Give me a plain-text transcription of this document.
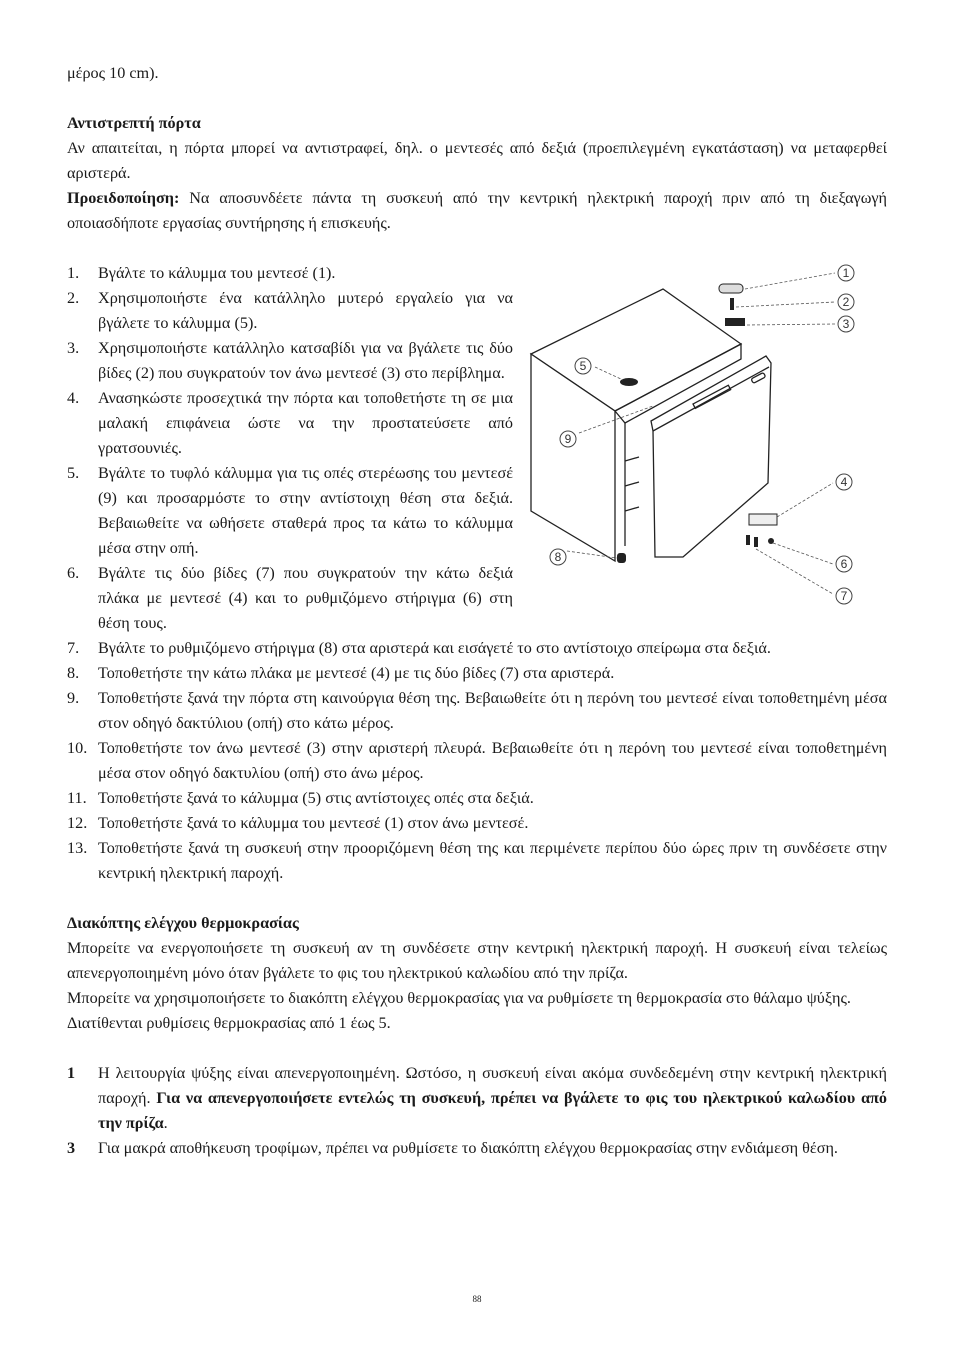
μέρος 10 cm).

Αντιστρεπτή πόρτα

Αν απαιτείται, η πόρτα μπορεί να αντιστραφεί, δηλ. ο μεντεσές από δεξιά (προεπιλεγμένη εγκατάσταση) να μεταφερθεί αριστερά.

Προειδοποίηση: Να αποσυνδέετε πάντα τη συσκευή από την κεντρική ηλεκτρική παροχή πριν από τη διεξαγωγή οποιασδήποτε εργασίας συντήρησης ή επισκευής.

1
2
3
4
5
6
7
8
9
1. Βγάλτε το κάλυμμα του μεντεσέ (1).
2. Χρησιμοποιήστε ένα κατάλληλο μυτερό εργαλείο για να βγάλετε το κάλυμμα (5).
3. Χρησιμοποιήστε κατάλληλο κατσαβίδι για να βγάλετε τις δύο βίδες (2) που συγκρατούν τον άνω μεντεσέ (3) στο περίβλημα.
4. Ανασηκώστε προσεχτικά την πόρτα και τοποθετήστε τη σε μια μαλακή επιφάνεια ώστε να την προστατεύσετε από γρατσουνιές.
5. Βγάλτε το τυφλό κάλυμμα για τις οπές στερέωσης του μεντεσέ (9) και προσαρμόστε το στην αντίστοιχη θέση στα δεξιά. Βεβαιωθείτε να ωθήσετε σταθερά προς τα κάτω το κάλυμμα μέσα στην οπή.
6. Βγάλτε τις δύο βίδες (7) που συγκρατούν την κάτω δεξιά πλάκα με μεντεσέ (4) και το ρυθμιζόμενο στήριγμα (6) στη θέση τους.
7. Βγάλτε το ρυθμιζόμενο στήριγμα (8) στα αριστερά και εισάγετέ το στο αντίστοιχο σπείρωμα στα δεξιά.
8. Τοποθετήστε την κάτω πλάκα με μεντεσέ (4) με τις δύο βίδες (7) στα αριστερά.
9. Τοποθετήστε ξανά την πόρτα στη καινούργια θέση της. Βεβαιωθείτε ότι η περόνη του μεντεσέ είναι τοποθετημένη μέσα στον οδηγό δακτύλιου (οπή) στο κάτω μέρος.
10. Τοποθετήστε τον άνω μεντεσέ (3) στην αριστερή πλευρά. Βεβαιωθείτε ότι η περόνη του μεντεσέ είναι τοποθετημένη μέσα στον οδηγό δακτυλίου (οπή) στο άνω μέρος.
11. Τοποθετήστε ξανά το κάλυμμα (5) στις αντίστοιχες οπές στα δεξιά.
12. Τοποθετήστε ξανά το κάλυμμα του μεντεσέ (1) στον άνω μεντεσέ.
13. Τοποθετήστε ξανά τη συσκευή στην προοριζόμενη θέση της και περιμένετε περίπου δύο ώρες πριν τη συνδέσετε στην κεντρική ηλεκτρική παροχή.
Διακόπτης ελέγχου θερμοκρασίας

Μπορείτε να ενεργοποιήσετε τη συσκευή αν τη συνδέσετε στην κεντρική ηλεκτρική παροχή. Η συσκευή είναι τελείως απενεργοποιημένη μόνο όταν βγάλετε το φις του ηλεκτρικού καλωδίου από την πρίζα.

Μπορείτε να χρησιμοποιήσετε το διακόπτη ελέγχου θερμοκρασίας για να ρυθμίσετε τη θερμοκρασία στο θάλαμο ψύξης.

Διατίθενται ρυθμίσεις θερμοκρασίας από 1 έως 5.

1 Η λειτουργία ψύξης είναι απενεργοποιημένη. Ωστόσο, η συσκευή είναι ακόμα συνδεδεμένη στην κεντρική ηλεκτρική παροχή. Για να απενεργοποιήσετε εντελώς τη συσκευή, πρέπει να βγάλετε το φις του ηλεκτρικού καλωδίου από την πρίζα.
3 Για μακρά αποθήκευση τροφίμων, πρέπει να ρυθμίσετε το διακόπτη ελέγχου θερμοκρασίας στην ενδιάμεση θέση.
88
